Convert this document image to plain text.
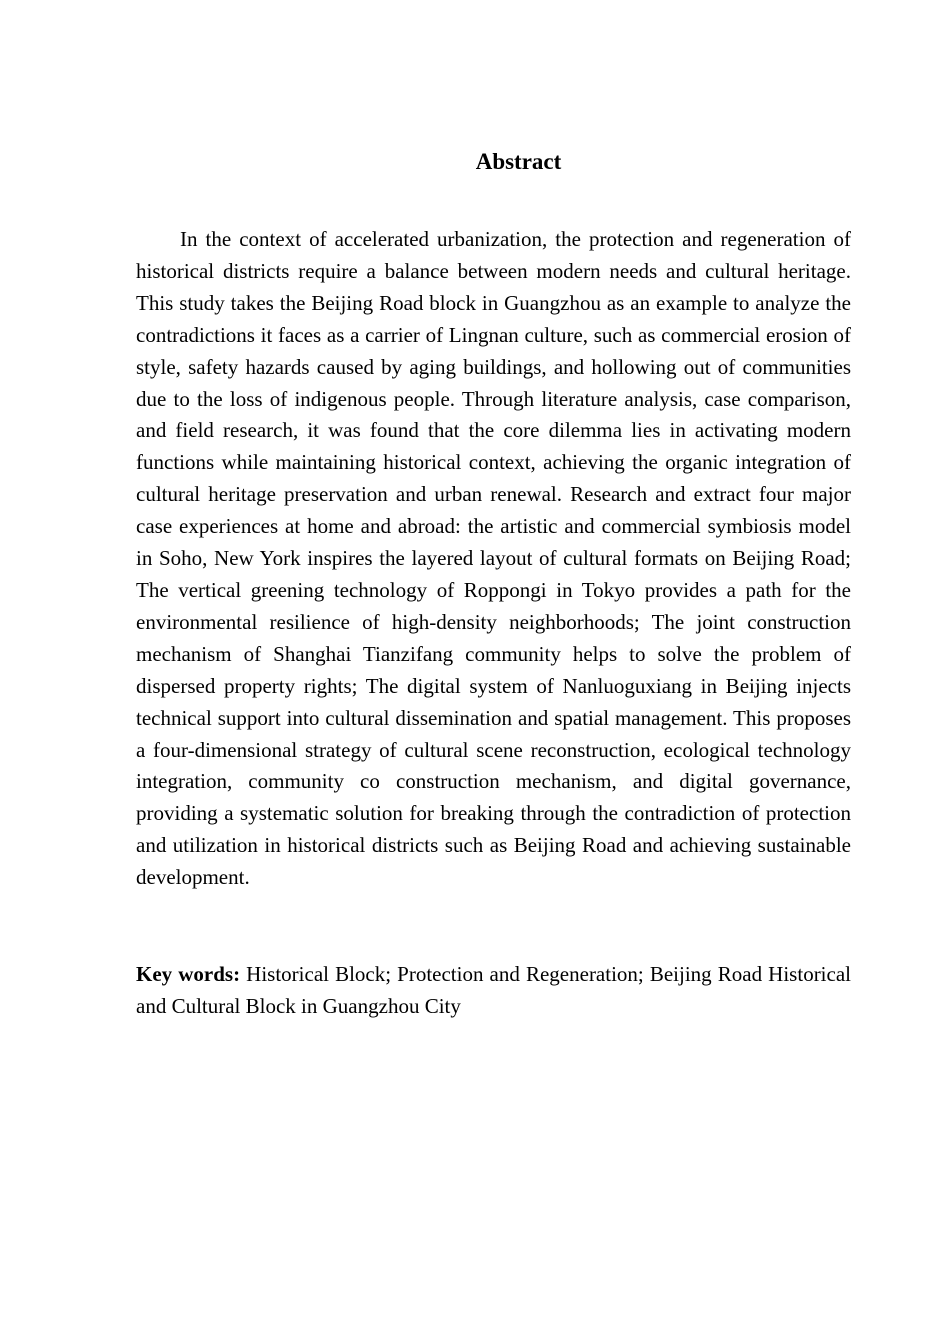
Abstract

In the context of accelerated urbanization, the protection and regeneration of historical districts require a balance between modern needs and cultural heritage. This study takes the Beijing Road block in Guangzhou as an example to analyze the contradictions it faces as a carrier of Lingnan culture, such as commercial erosion of style, safety hazards caused by aging buildings, and hollowing out of communities due to the loss of indigenous people. Through literature analysis, case comparison, and field research, it was found that the core dilemma lies in activating modern functions while maintaining historical context, achieving the organic integration of cultural heritage preservation and urban renewal. Research and extract four major case experiences at home and abroad: the artistic and commercial symbiosis model in Soho, New York inspires the layered layout of cultural formats on Beijing Road; The vertical greening technology of Roppongi in Tokyo provides a path for the environmental resilience of high-density neighborhoods; The joint construction mechanism of Shanghai Tianzifang community helps to solve the problem of dispersed property rights; The digital system of Nanluoguxiang in Beijing injects technical support into cultural dissemination and spatial management. This proposes a four-dimensional strategy of cultural scene reconstruction, ecological technology integration, community co construction mechanism, and digital governance, providing a systematic solution for breaking through the contradiction of protection and utilization in historical districts such as Beijing Road and achieving sustainable development.

Key words: Historical Block; Protection and Regeneration; Beijing Road Historical and Cultural Block in Guangzhou City
